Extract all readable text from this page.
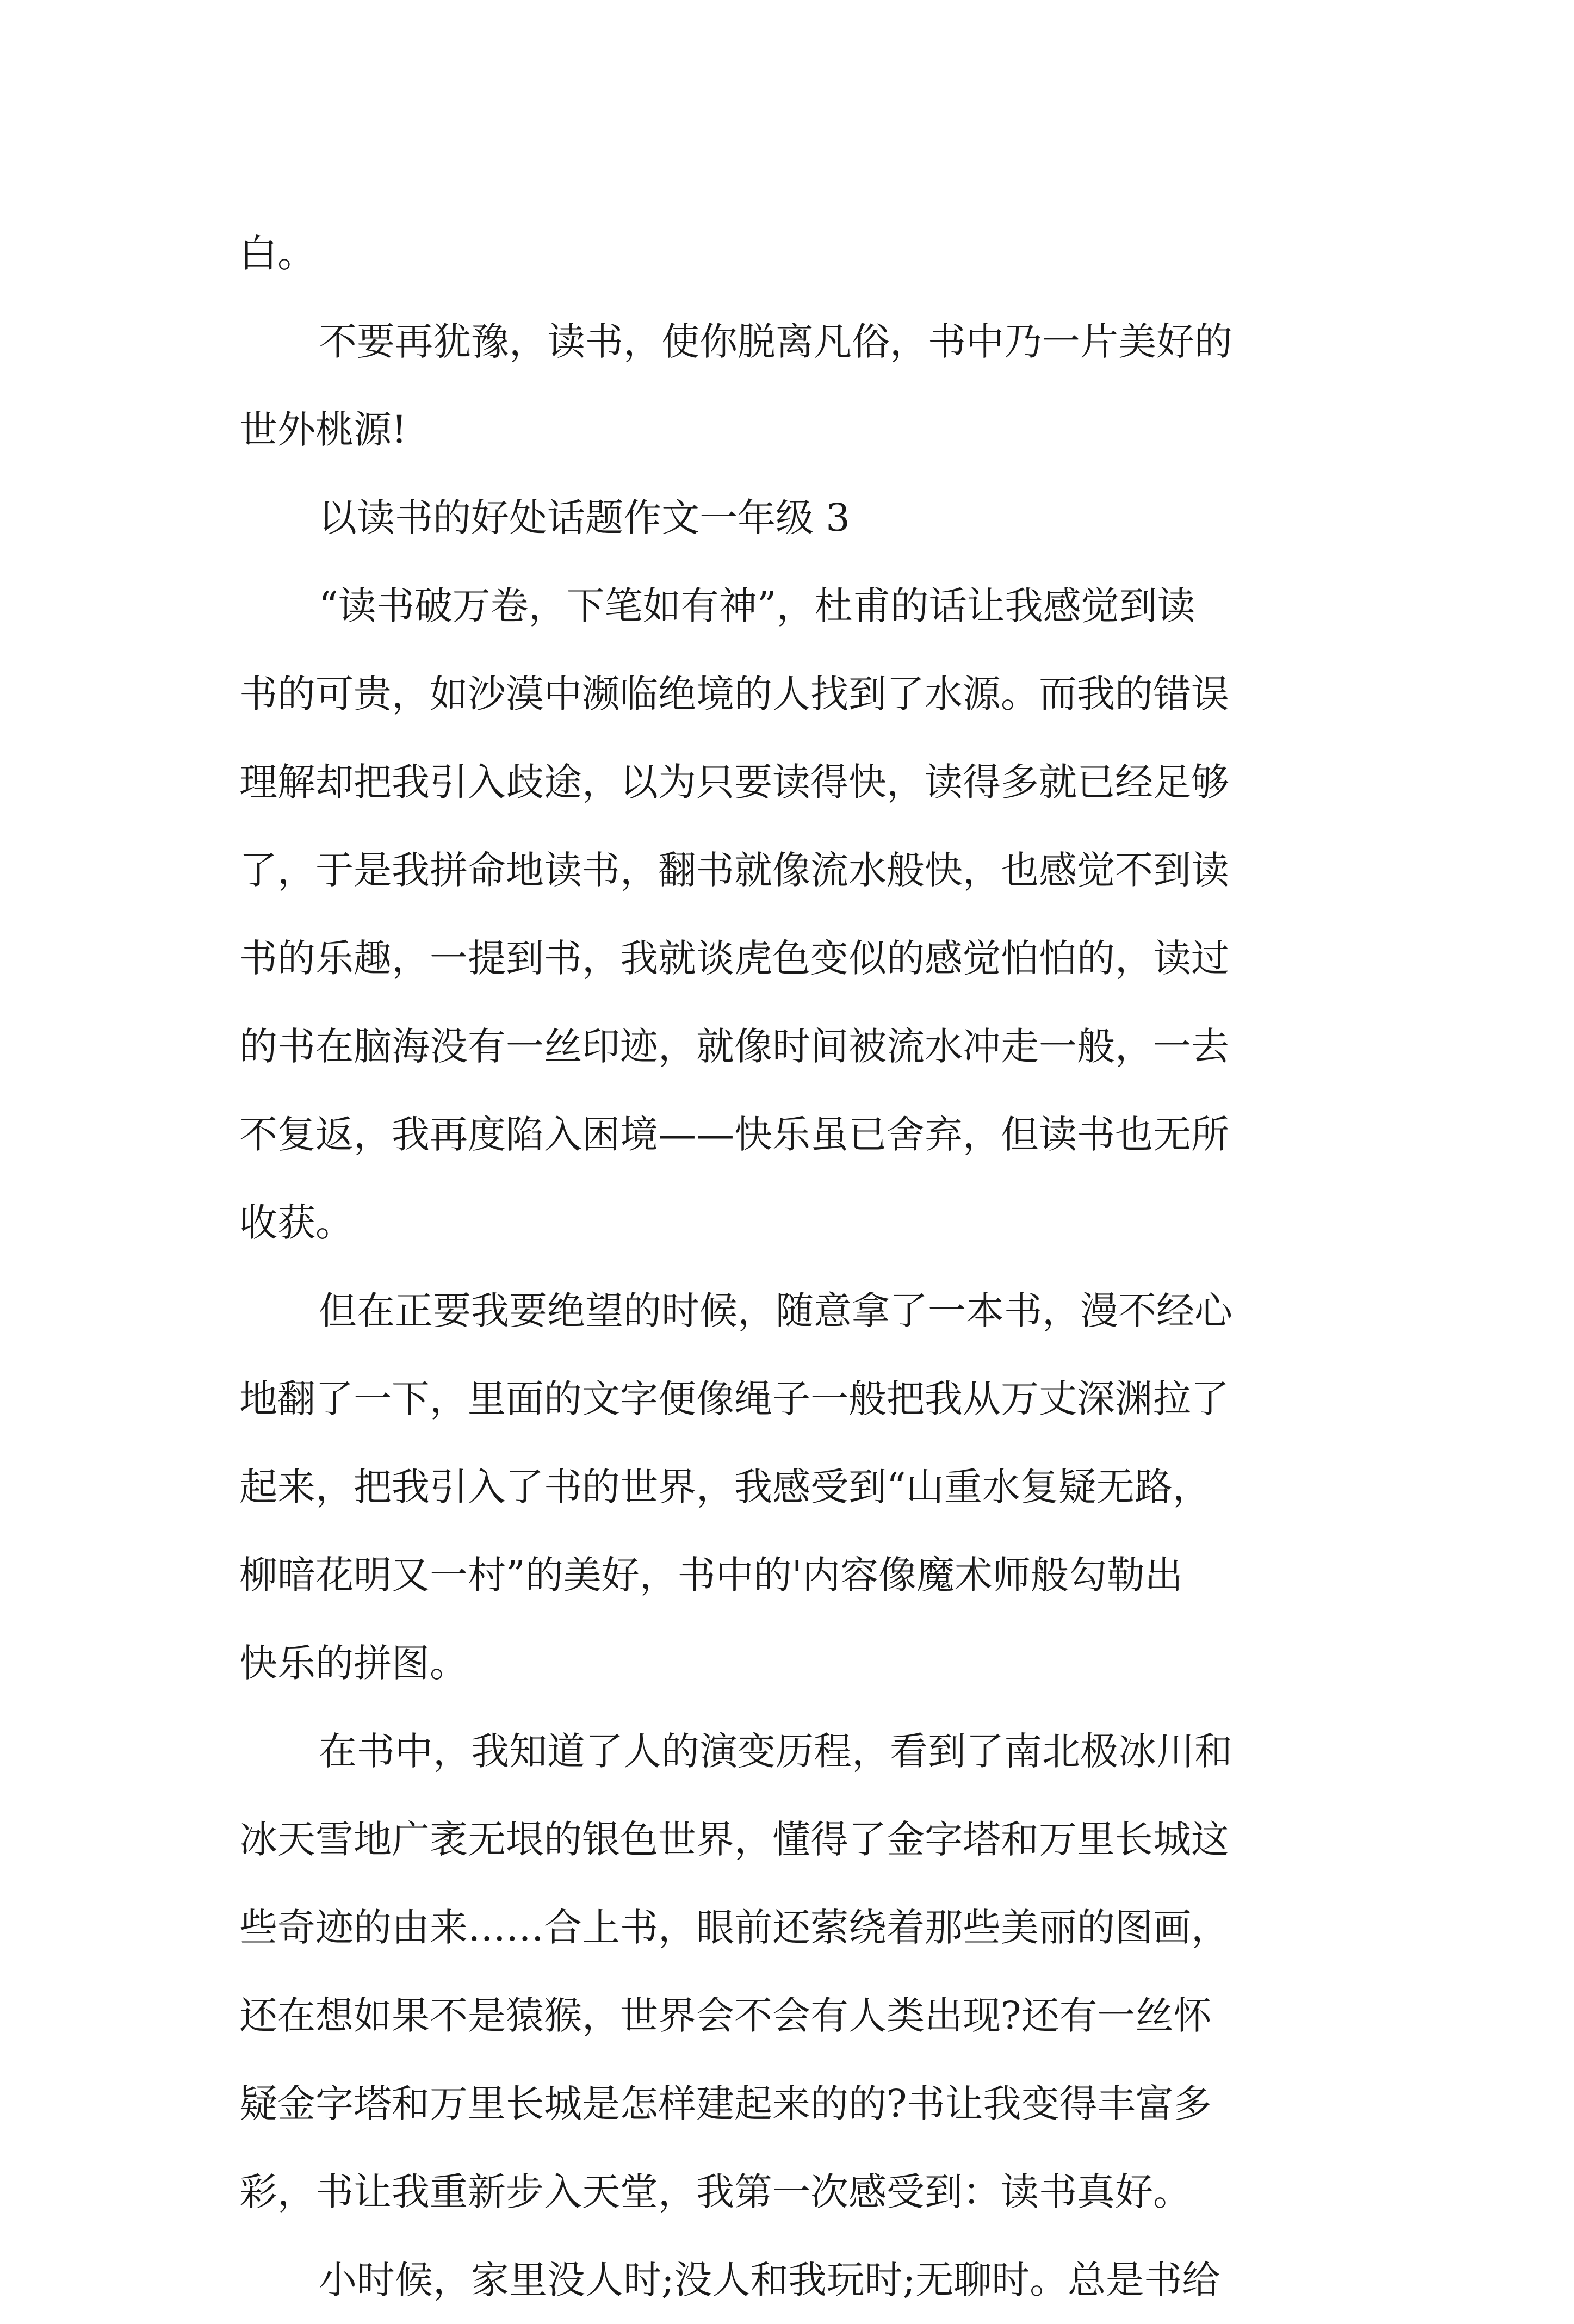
白。
不要再犹豫，读书，使你脱离凡俗，书中乃一片美好的
世外桃源!
以读书的好处话题作文一年级 3
“读书破万卷，下笔如有神”，杜甫的话让我感觉到读
书的可贵，如沙漠中濒临绝境的人找到了水源。而我的错误
理解却把我引入歧途，以为只要读得快，读得多就已经足够
了，于是我拼命地读书，翻书就像流水般快，也感觉不到读
书的乐趣，一提到书，我就谈虎色变似的感觉怕怕的，读过
的书在脑海没有一丝印迹，就像时间被流水冲走一般，一去
不复返，我再度陷入困境——快乐虽已舍弃，但读书也无所
收获。
但在正要我要绝望的时候，随意拿了一本书，漫不经心
地翻了一下，里面的文字便像绳子一般把我从万丈深渊拉了
起来，把我引入了书的世界，我感受到“山重水复疑无路，
柳暗花明又一村”的美好，书中的'内容像魔术师般勾勒出
快乐的拼图。
在书中，我知道了人的演变历程，看到了南北极冰川和
冰天雪地广袤无垠的银色世界，懂得了金字塔和万里长城这
些奇迹的由来……合上书，眼前还萦绕着那些美丽的图画，
还在想如果不是猿猴，世界会不会有人类出现?还有一丝怀
疑金字塔和万里长城是怎样建起来的的?书让我变得丰富多
彩，书让我重新步入天堂，我第一次感受到：读书真好。
小时候，家里没人时;没人和我玩时;无聊时。总是书给
